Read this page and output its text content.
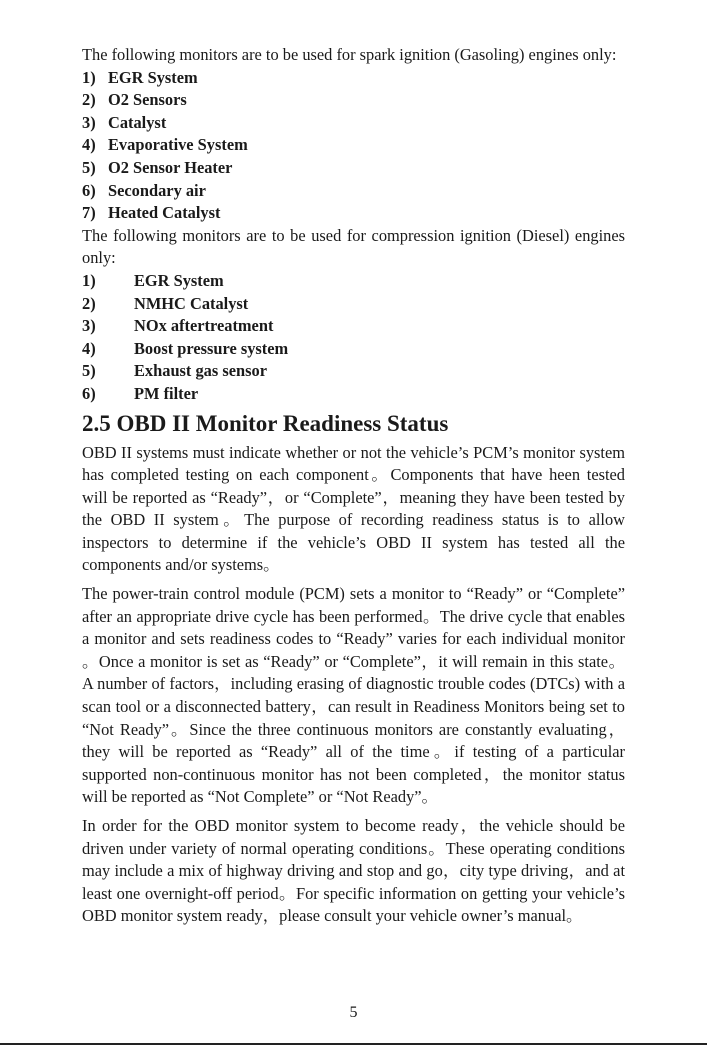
The following monitors are to be used for spark ignition (Gasoling) engines only:

1) EGR System
2) O2 Sensors
3) Catalyst
4) Evaporative System
5) O2 Sensor Heater
6) Secondary air
7) Heated Catalyst

The following monitors are to be used for compression ignition (Diesel) engines only:

1)	EGR System
2)	NMHC Catalyst
3)	NOx aftertreatment
4)	Boost pressure system
5)	Exhaust gas sensor
6)	PM filter
2.5 OBD II Monitor Readiness Status

OBD II systems must indicate whether or not the vehicle’s PCM’s monitor system has completed testing on each component。Components that have heen tested will be reported as “Ready”，or “Complete”，meaning they have been tested by the OBD II system。The purpose of recording readiness status is to allow inspectors to determine if the vehicle’s OBD II system has tested all the components and/or systems。

The power-train control module (PCM) sets a monitor to “Ready” or “Complete” after an appropriate drive cycle has been performed。The drive cycle that enables a monitor and sets readiness codes to “Ready” varies for each individual monitor 。Once a monitor is set as “Ready” or “Complete”，it will remain in this state。A number of factors，including erasing of diagnostic trouble codes (DTCs) with a scan tool or a disconnected battery，can result in Readiness Monitors being set to “Not Ready”。Since the three continuous monitors are constantly evaluating，they will be reported as “Ready” all of the time。if testing of a particular supported non-continuous monitor has not been completed，the monitor status will be reported as “Not Complete” or “Not Ready”。

In order for the OBD monitor system to become ready，the vehicle should be driven under variety of normal operating conditions。These operating conditions may include a mix of highway driving and stop and go，city type driving，and at least one overnight-off period。For specific information on getting your vehicle’s OBD monitor system ready，please consult your vehicle owner’s manual。

5
